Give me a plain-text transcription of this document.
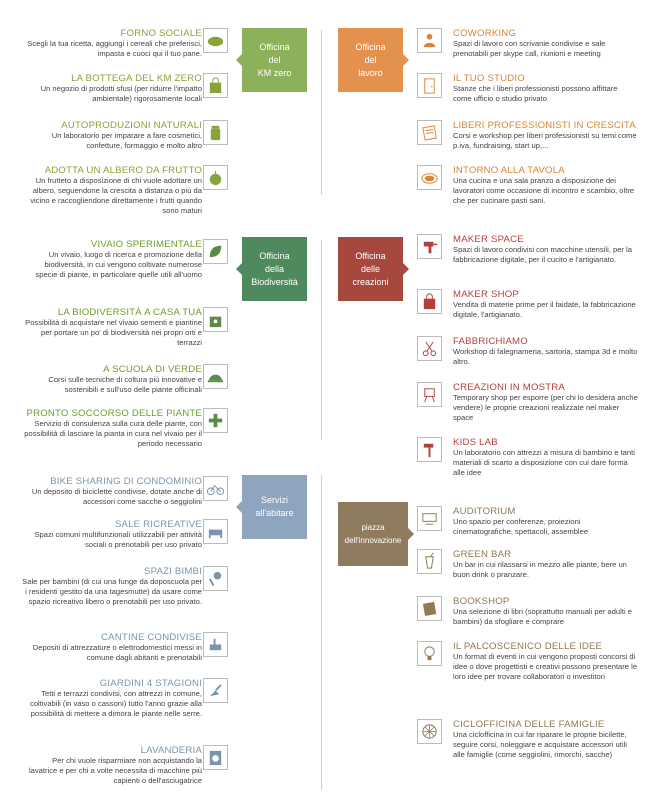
Officina
del
KM zero
Officina
del
lavoro
Officina
della
Biodiversità
Officina
delle
creazioni
Servizi
all'abitare
piazza
dell'innovazione
FORNO SOCIALE
Scegli la tua ricetta, aggiungi i cereali che preferisci, impasta e cuoci qui il tuo pane.
LA BOTTEGA DEL KM ZERO
Un negozio di prodotti sfusi (per ridurre l'impatto ambientale) rigorosamente locali
AUTOPRODUZIONI NATURALI
Un laboratorio per imparare a fare cosmetici, confetture, formaggio e molto altro
ADOTTA UN ALBERO DA FRUTTO
Un frutteto a disposizione di chi vuole adottare un albero, seguendone la crescita a distanza o più da vicino e raccogliendone direttamente i frutti quando sono maturi
VIVAIO SPERIMENTALE
Un vivaio, luogo di ricerca e promozione della biodiversità, in cui vengono coltivate numerose specie di piante, in particolare quelle utili all'uomo
LA BIODIVERSITÀ A CASA TUA
Possibilità di acquistare nel vivaio sementi e piantine per portare un po' di biodiversità nei propri orti e terrazzi
A SCUOLA DI VERDE
Corsi sulle tecniche di coltura più innovative e sostenibili e sull'uso delle piante officinali
PRONTO SOCCORSO DELLE PIANTE
Servizio di consulenza sulla cura delle piante, con possibilità di lasciare la pianta in cura nel vivaio per il periodo necessario
BIKE SHARING DI CONDOMINIO
Un deposito di biciclette condivise, dotate anche di accessori come sacche o seggiolini
SALE RICREATIVE
Spazi comuni multifunzionali utilizzabili per attività sociali o prenotabili per uso privato
SPAZI BIMBI
Sale per bambini (di cui una funge da doposcuola per i residenti gestito da una tagesmutte) da usare come spazio ricreativo libero o prenotabili per uso privato.
CANTINE CONDIVISE
Depositi di attrezzature o elettrodomestici messi in comune dagli abitanti e prenotabili
GIARDINI 4 STAGIONI
Tetti e terrazzi condivisi, con attrezzi in comune, coltivabili (in vaso o cassoni) tutto l'anno grazie alla possibilità di mettere a dimora le piante nelle serre.
LAVANDERIA
Per chi vuole risparmiare non acquistando la lavatrice e per chi a volte necessita di macchine più capienti o dell'asciugatrice
COWORKING
Spazi di lavoro con scrivanie condivise e sale prenotabili per skype call, riunioni e meeting
IL TUO STUDIO
Stanze che i liberi professionisti possono affittare come ufficio o studio privato
LIBERI PROFESSIONISTI IN CRESCITA
Corsi e workshop per liberi professionisti su temi come p.iva, fundraising, start up,...
INTORNO ALLA TAVOLA
Una cucina e una sala pranzo a disposizione dei lavoratori come occasione di incontro e scambio, oltre che per cucinare pasti sani.
MAKER SPACE
Spazi di lavoro condivisi con macchine utensili, per la fabbricazione digitale, per il cucito e l'artigianato.
MAKER SHOP
Vendita di materie prime per il faidate, la fabbricazione digitale, l'artigianato.
FABBRICHIAMO
Workshop di falegnameria, sartoria, stampa 3d e molto altro.
CREAZIONI IN MOSTRA
Temporary shop per esporre (per chi lo desidera anche vendere) le proprie creazioni realizzate nel maker space
KIDS LAB
Un laboratorio con attrezzi a misura di bambino e tanti materiali di scarto a disposizione con cui dare forma alle idee
AUDITORIUM
Uno spazio per conferenze, proiezioni cinematografiche, spettacoli, assemblee
GREEN BAR
Un bar in cui rilassarsi in mezzo alle piante, bere un buon drink o pranzare.
BOOKSHOP
Una selezione di libri (soprattutto manuali per adulti e bambini) da sfogliare e comprare
IL PALCOSCENICO DELLE IDEE
Un format di eventi in cui vengono proposti concorsi di idee o dove progettisti e creativi possono presentare le loro idee per trovare collaboratori o investitori
CICLOFFICINA DELLE FAMIGLIE
Una ciclofficina in cui far riparare le proprie bicilette, seguire corsi, noleggiare e acquistare accessori utili alle famiglie (come seggiolini, rimorchi, sacche)
